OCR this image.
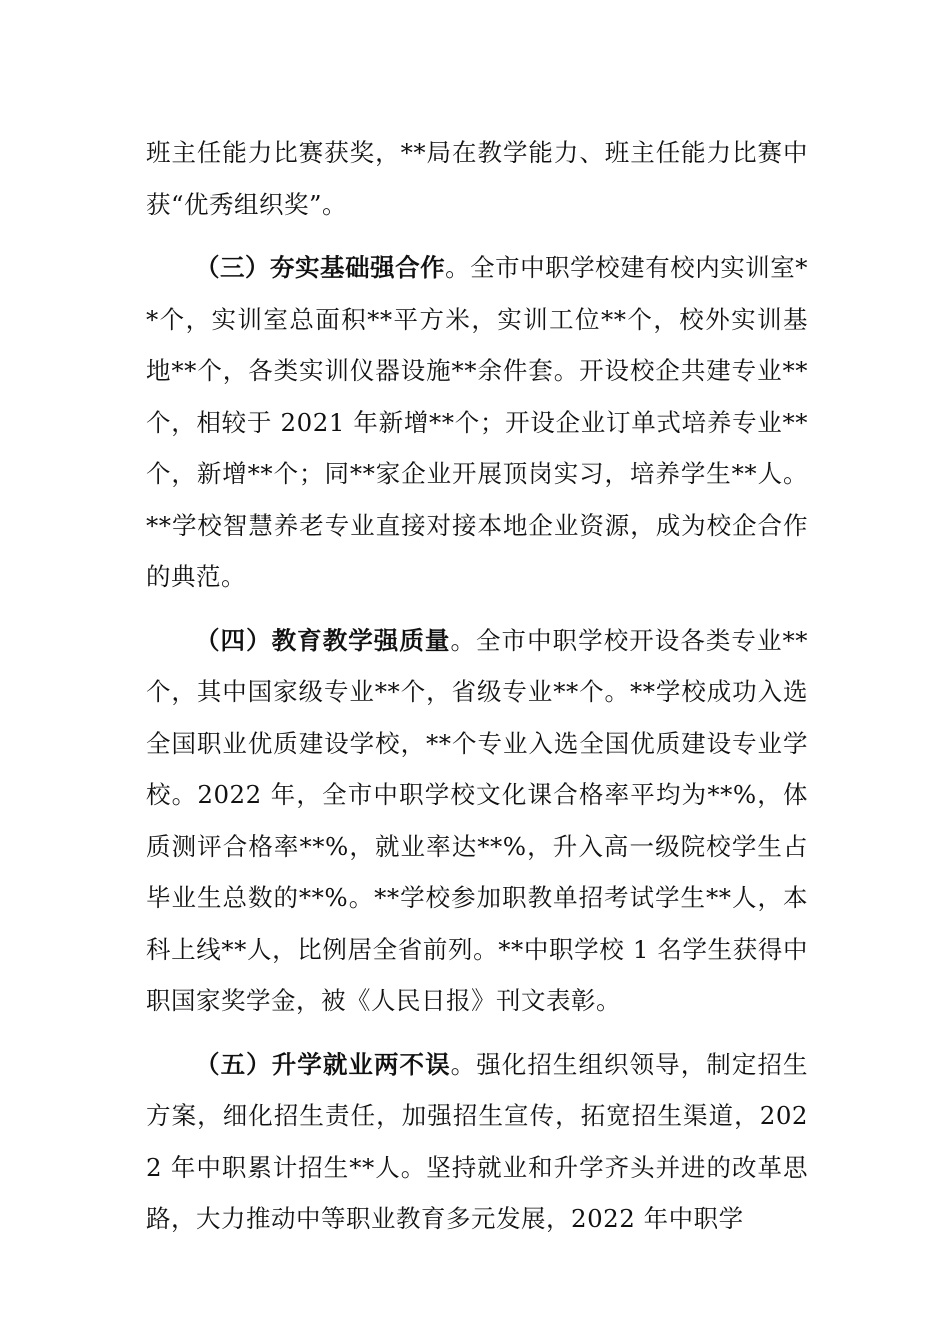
班主任能力比赛获奖，**局在教学能力、班主任能力比赛中获“优秀组织奖”。

（三）夯实基础强合作。全市中职学校建有校内实训室**个，实训室总面积**平方米，实训工位**个，校外实训基地**个，各类实训仪器设施**余件套。开设校企共建专业**个，相较于 2021 年新增**个；开设企业订单式培养专业**个，新增**个；同**家企业开展顶岗实习，培养学生**人。**学校智慧养老专业直接对接本地企业资源，成为校企合作的典范。

（四）教育教学强质量。全市中职学校开设各类专业**个，其中国家级专业**个，省级专业**个。**学校成功入选全国职业优质建设学校，**个专业入选全国优质建设专业学校。2022 年，全市中职学校文化课合格率平均为**%，体质测评合格率**%，就业率达**%，升入高一级院校学生占毕业生总数的**%。**学校参加职教单招考试学生**人，本科上线**人，比例居全省前列。**中职学校 1 名学生获得中职国家奖学金，被《人民日报》刊文表彰。

（五）升学就业两不误。强化招生组织领导，制定招生方案，细化招生责任，加强招生宣传，拓宽招生渠道，2022 年中职累计招生**人。坚持就业和升学齐头并进的改革思路，大力推动中等职业教育多元发展，2022 年中职学
